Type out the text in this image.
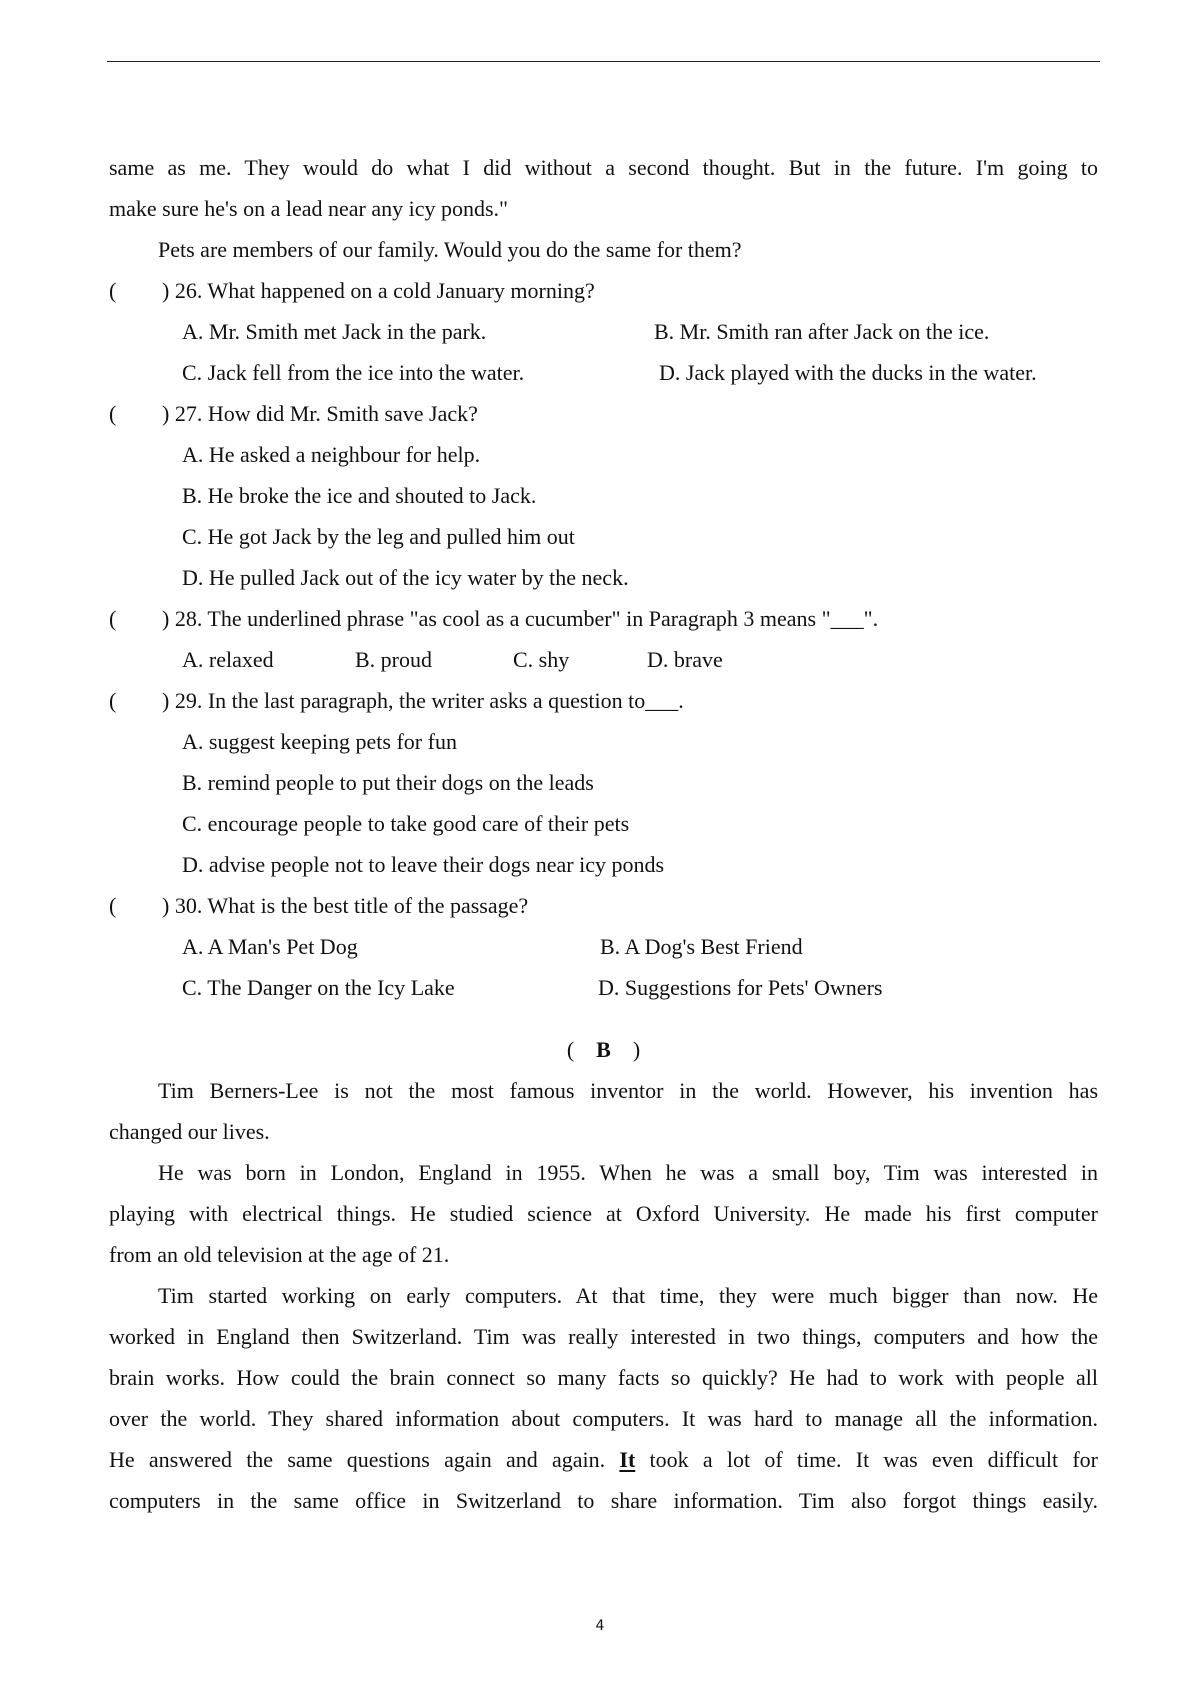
same as me. They would do what I did without a second thought. But in the future. I'm going to
make sure he's on a lead near any icy ponds."
Pets are members of our family. Would you do the same for them?
( ) 26. What happened on a cold January morning?
A. Mr. Smith met Jack in the park.	B. Mr. Smith ran after Jack on the ice.
C. Jack fell from the ice into the water.	D. Jack played with the ducks in the water.
( ) 27. How did Mr. Smith save Jack?
A. He asked a neighbour for help.
B. He broke the ice and shouted to Jack.
C. He got Jack by the leg and pulled him out
D. He pulled Jack out of the icy water by the neck.
( ) 28. The underlined phrase "as cool as a cucumber" in Paragraph 3 means "___".
A. relaxed	B. proud	C. shy	D. brave
( ) 29. In the last paragraph, the writer asks a question to___.
A. suggest keeping pets for fun
B. remind people to put their dogs on the leads
C. encourage people to take good care of their pets
D. advise people not to leave their dogs near icy ponds
( ) 30. What is the best title of the passage?
A. A Man's Pet Dog	B. A Dog's Best Friend
C. The Danger on the Icy Lake	D. Suggestions for Pets' Owners
( B )
Tim Berners-Lee is not the most famous inventor in the world. However, his invention has
changed our lives.
He was born in London, England in 1955. When he was a small boy, Tim was interested in
playing with electrical things. He studied science at Oxford University. He made his first computer
from an old television at the age of 21.
Tim started working on early computers. At that time, they were much bigger than now. He
worked in England then Switzerland. Tim was really interested in two things, computers and how the
brain works. How could the brain connect so many facts so quickly? He had to work with people all
over the world. They shared information about computers. It was hard to manage all the information.
He answered the same questions again and again. It took a lot of time. It was even difficult for
computers in the same office in Switzerland to share information. Tim also forgot things easily.
4
